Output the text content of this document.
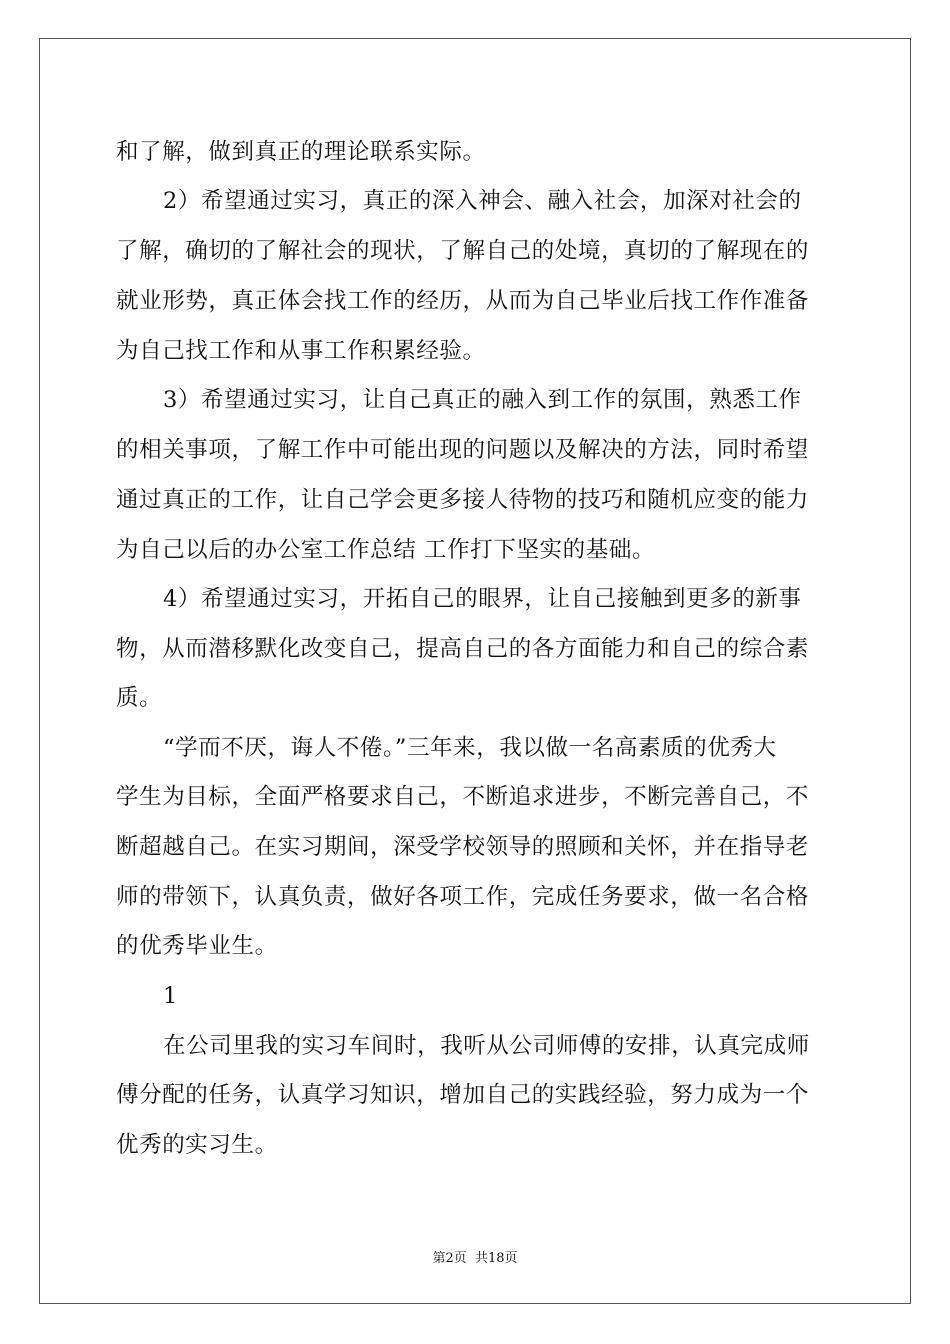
和了解，做到真正的理论联系实际。
2）希望通过实习，真正的深入神会、融入社会，加深对社会的
了解，确切的了解社会的现状，了解自己的处境，真切的了解现在的
就业形势，真正体会找工作的经历，从而为自己毕业后找工作作准备
为自己找工作和从事工作积累经验。
3）希望通过实习，让自己真正的融入到工作的氛围，熟悉工作
的相关事项，了解工作中可能出现的问题以及解决的方法，同时希望
通过真正的工作，让自己学会更多接人待物的技巧和随机应变的能力
为自己以后的办公室工作总结 工作打下坚实的基础。
4）希望通过实习，开拓自己的眼界，让自己接触到更多的新事
物，从而潜移默化改变自己，提高自己的各方面能力和自己的综合素
质。
“学而不厌，诲人不倦。”三年来，我以做一名高素质的优秀大
学生为目标，全面严格要求自己，不断追求进步，不断完善自己，不
断超越自己。在实习期间，深受学校领导的照顾和关怀，并在指导老
师的带领下，认真负责，做好各项工作，完成任务要求，做一名合格
的优秀毕业生。
1
在公司里我的实习车间时，我听从公司师傅的安排，认真完成师
傅分配的任务，认真学习知识，增加自己的实践经验，努力成为一个
优秀的实习生。
第2页 共18页
